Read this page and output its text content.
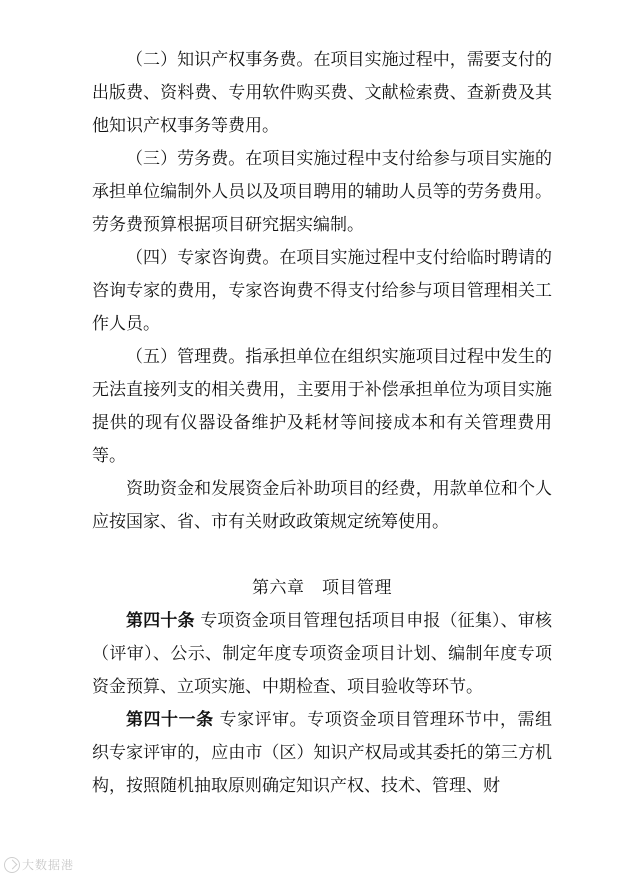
（二）知识产权事务费。在项目实施过程中，需要支付的出版费、资料费、专用软件购买费、文献检索费、查新费及其他知识产权事务等费用。

（三）劳务费。在项目实施过程中支付给参与项目实施的承担单位编制外人员以及项目聘用的辅助人员等的劳务费用。劳务费预算根据项目研究据实编制。

（四）专家咨询费。在项目实施过程中支付给临时聘请的咨询专家的费用，专家咨询费不得支付给参与项目管理相关工作人员。

（五）管理费。指承担单位在组织实施项目过程中发生的无法直接列支的相关费用，主要用于补偿承担单位为项目实施提供的现有仪器设备维护及耗材等间接成本和有关管理费用等。

资助资金和发展资金后补助项目的经费，用款单位和个人应按国家、省、市有关财政政策规定统筹使用。

第六章　项目管理

第四十条 专项资金项目管理包括项目申报（征集）、审核（评审）、公示、制定年度专项资金项目计划、编制年度专项资金预算、立项实施、中期检查、项目验收等环节。

第四十一条 专家评审。专项资金项目管理环节中，需组织专家评审的，应由市（区）知识产权局或其委托的第三方机构，按照随机抽取原则确定知识产权、技术、管理、财

大数据港
